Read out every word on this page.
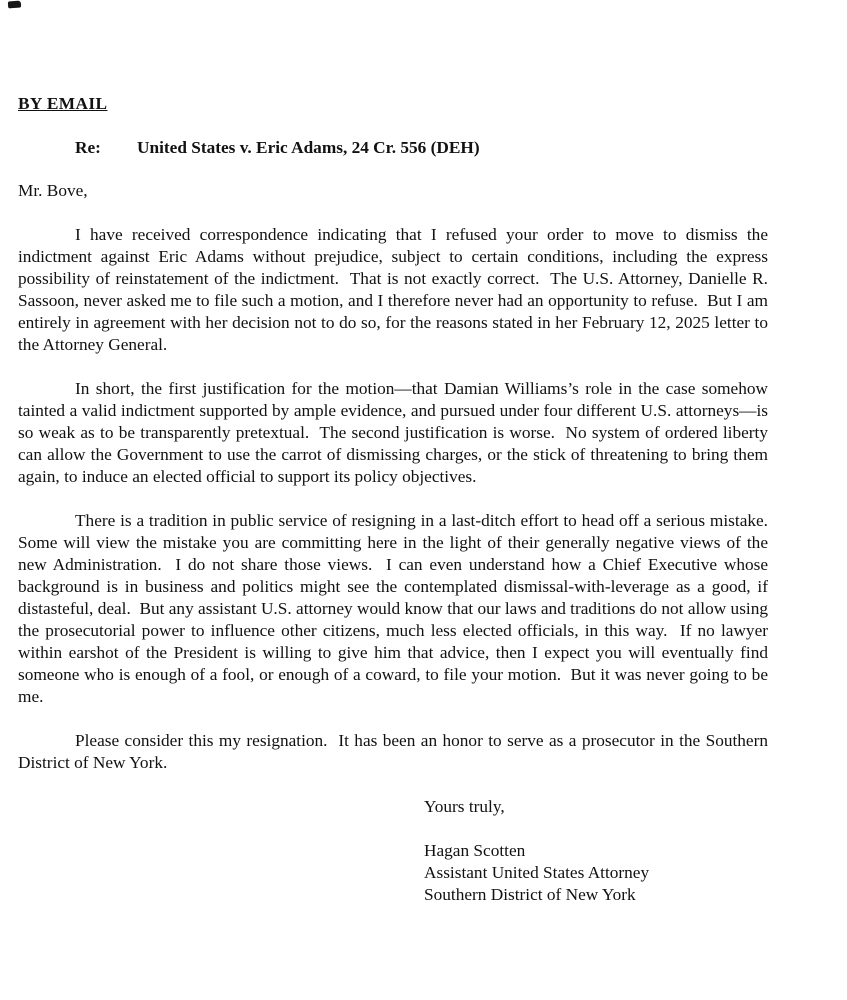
BY EMAIL
Re: United States v. Eric Adams, 24 Cr. 556 (DEH)
Mr. Bove,

I have received correspondence indicating that I refused your order to move to dismiss the indictment against Eric Adams without prejudice, subject to certain conditions, including the express possibility of reinstatement of the indictment.  That is not exactly correct.  The U.S. Attorney, Danielle R. Sassoon, never asked me to file such a motion, and I therefore never had an opportunity to refuse.  But I am entirely in agreement with her decision not to do so, for the reasons stated in her February 12, 2025 letter to the Attorney General.

In short, the first justification for the motion—that Damian Williams’s role in the case somehow tainted a valid indictment supported by ample evidence, and pursued under four different U.S. attorneys—is so weak as to be transparently pretextual.  The second justification is worse.  No system of ordered liberty can allow the Government to use the carrot of dismissing charges, or the stick of threatening to bring them again, to induce an elected official to support its policy objectives.

There is a tradition in public service of resigning in a last-ditch effort to head off a serious mistake.  Some will view the mistake you are committing here in the light of their generally negative views of the new Administration.  I do not share those views.  I can even understand how a Chief Executive whose background is in business and politics might see the contemplated dismissal-with-leverage as a good, if distasteful, deal.  But any assistant U.S. attorney would know that our laws and traditions do not allow using the prosecutorial power to influence other citizens, much less elected officials, in this way.  If no lawyer within earshot of the President is willing to give him that advice, then I expect you will eventually find someone who is enough of a fool, or enough of a coward, to file your motion.  But it was never going to be me.

Please consider this my resignation.  It has been an honor to serve as a prosecutor in the Southern District of New York.

Yours truly,
Hagan Scotten
Assistant United States Attorney
Southern District of New York
